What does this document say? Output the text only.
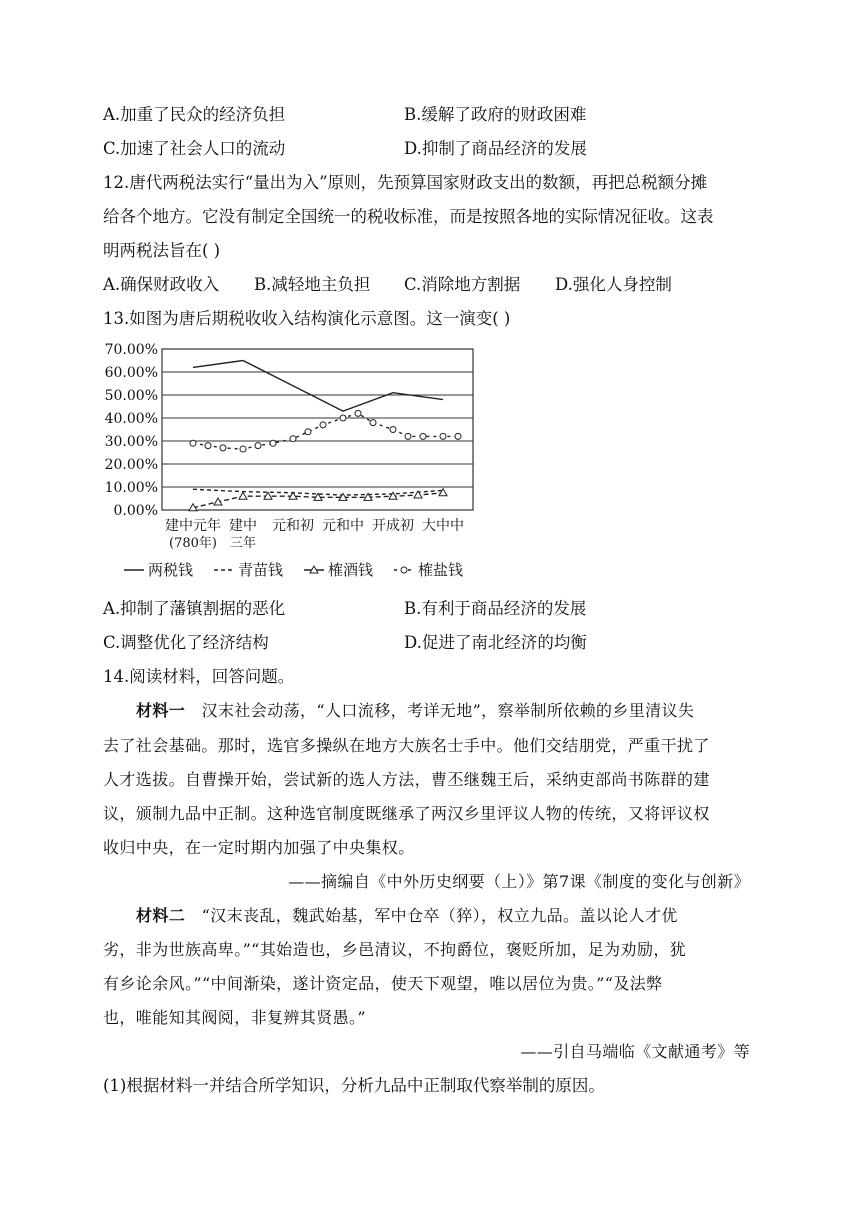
A.加重了民众的经济负担	B.缓解了政府的财政困难
C.加速了社会人口的流动	D.抑制了商品经济的发展
12.唐代两税法实行“量出为入”原则，先预算国家财政支出的数额，再把总税额分摊
给各个地方。它没有制定全国统一的税收标准，而是按照各地的实际情况征收。这表
明两税法旨在( )
A.确保财政收入 B.减轻地主负担 C.消除地方割据 D.强化人身控制
13.如图为唐后期税收收入结构演化示意图。这一演变( )
70.00%
60.00%
50.00%
40.00%
30.00%
20.00%
10.00%
0.00%
建中元年
(780年)
建中
三年
元和初 元和中 开成初 大中中
两税钱	青苗钱	榷酒钱	榷盐钱
A.抑制了藩镇割据的恶化	B.有利于商品经济的发展
C.调整优化了经济结构	D.促进了南北经济的均衡
14.阅读材料，回答问题。
材料一  汉末社会动荡，“人口流移，考详无地”，察举制所依赖的乡里清议失
去了社会基础。那时，选官多操纵在地方大族名士手中。他们交结朋党，严重干扰了
人才选拔。自曹操开始，尝试新的选人方法，曹丕继魏王后，采纳吏部尚书陈群的建
议，颁制九品中正制。这种选官制度既继承了两汉乡里评议人物的传统，又将评议权
收归中央，在一定时期内加强了中央集权。
——摘编自《中外历史纲要（上）》第7课《制度的变化与创新》
材料二  “汉末丧乱，魏武始基，军中仓卒（猝），权立九品。盖以论人才优
劣，非为世族高卑。”“其始造也，乡邑清议，不拘爵位，褒贬所加，足为劝励，犹
有乡论余风。”“中间渐染，遂计资定品，使天下观望，唯以居位为贵。”“及法弊
也，唯能知其阀阅，非复辨其贤愚。”
——引自马端临《文献通考》等
(1)根据材料一并结合所学知识，分析九品中正制取代察举制的原因。
